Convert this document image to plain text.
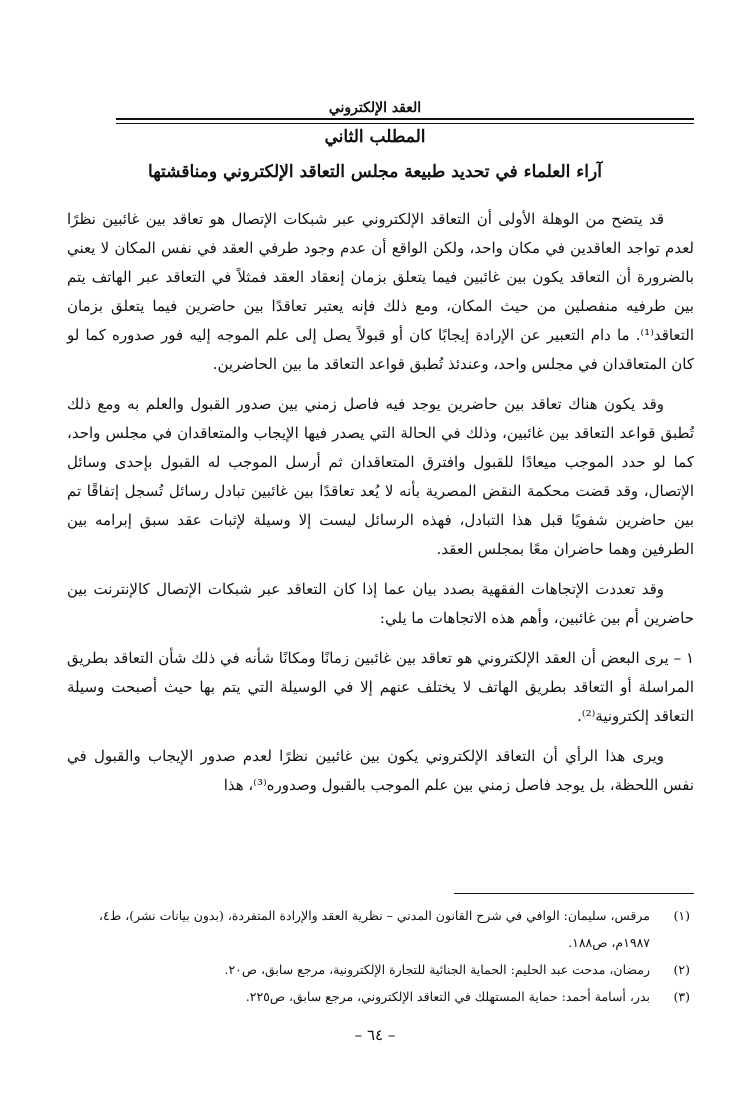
العقد الإلكتروني
المطلب الثاني
آراء العلماء في تحديد طبيعة مجلس التعاقد الإلكتروني ومناقشتها

قد يتضح من الوهلة الأولى أن التعاقد الإلكتروني عبر شبكات الإتصال هو تعاقد بين غائبين نظرًا لعدم تواجد العاقدين في مكان واحد، ولكن الواقع أن عدم وجود طرفي العقد في نفس المكان لا يعني بالضرورة أن التعاقد يكون بين غائبين فيما يتعلق بزمان إنعقاد العقد فمثلاً في التعاقد عبر الهاتف يتم بين طرفيه منفصلين من حيث المكان، ومع ذلك فإنه يعتبر تعاقدًا بين حاضرين فيما يتعلق بزمان التعاقد⁽¹⁾. ما دام التعبير عن الإرادة إيجابًا كان أو قبولاً يصل إلى علم الموجه إليه فور صدوره كما لو كان المتعاقدان في مجلس واحد، وعندئذ تُطبق قواعد التعاقد ما بين الحاضرين.

وقد يكون هناك تعاقد بين حاضرين يوجد فيه فاصل زمني بين صدور القبول والعلم به ومع ذلك تُطبق قواعد التعاقد بين غائبين، وذلك في الحالة التي يصدر فيها الإيجاب والمتعاقدان في مجلس واحد، كما لو حدد الموجب ميعادًا للقبول وافترق المتعاقدان ثم أرسل الموجب له القبول بإحدى وسائل الإتصال، وقد قضت محكمة النقض المصرية بأنه لا يُعد تعاقدًا بين غائبين تبادل رسائل تُسجل إتفاقًا تم بين حاضرين شفويًا قبل هذا التبادل، فهذه الرسائل ليست إلا وسيلة لإثبات عقد سبق إبرامه بين الطرفين وهما حاضران معًا بمجلس العقد.

وقد تعددت الإتجاهات الفقهية بصدد بيان عما إذا كان التعاقد عبر شبكات الإتصال كالإنترنت بين حاضرين أم بين غائبين، وأهم هذه الاتجاهات ما يلي:

١ – يرى البعض أن العقد الإلكتروني هو تعاقد بين غائبين زمانًا ومكانًا شأنه في ذلك شأن التعاقد بطريق المراسلة أو التعاقد بطريق الهاتف لا يختلف عنهم إلا في الوسيلة التي يتم بها حيث أصبحت وسيلة التعاقد إلكترونية⁽²⁾.

ويرى هذا الرأي أن التعاقد الإلكتروني يكون بين غائبين نظرًا لعدم صدور الإيجاب والقبول في نفس اللحظة، بل يوجد فاصل زمني بين علم الموجب بالقبول وصدوره⁽³⁾، هذا

(١)
مرقس، سليمان: الوافي في شرح القانون المدني – نظرية العقد والإرادة المتفردة، (بدون بيانات نشر)، ط٤، ١٩٨٧م، ص١٨٨.
(٢)
رمضان، مدحت عبد الحليم: الحماية الجنائية للتجارة الإلكترونية، مرجع سابق، ص٢٠.
(٣)
بدر، أسامة أحمد: حماية المستهلك في التعاقد الإلكتروني، مرجع سابق، ص٢٢٥.
– ٦٤ –
